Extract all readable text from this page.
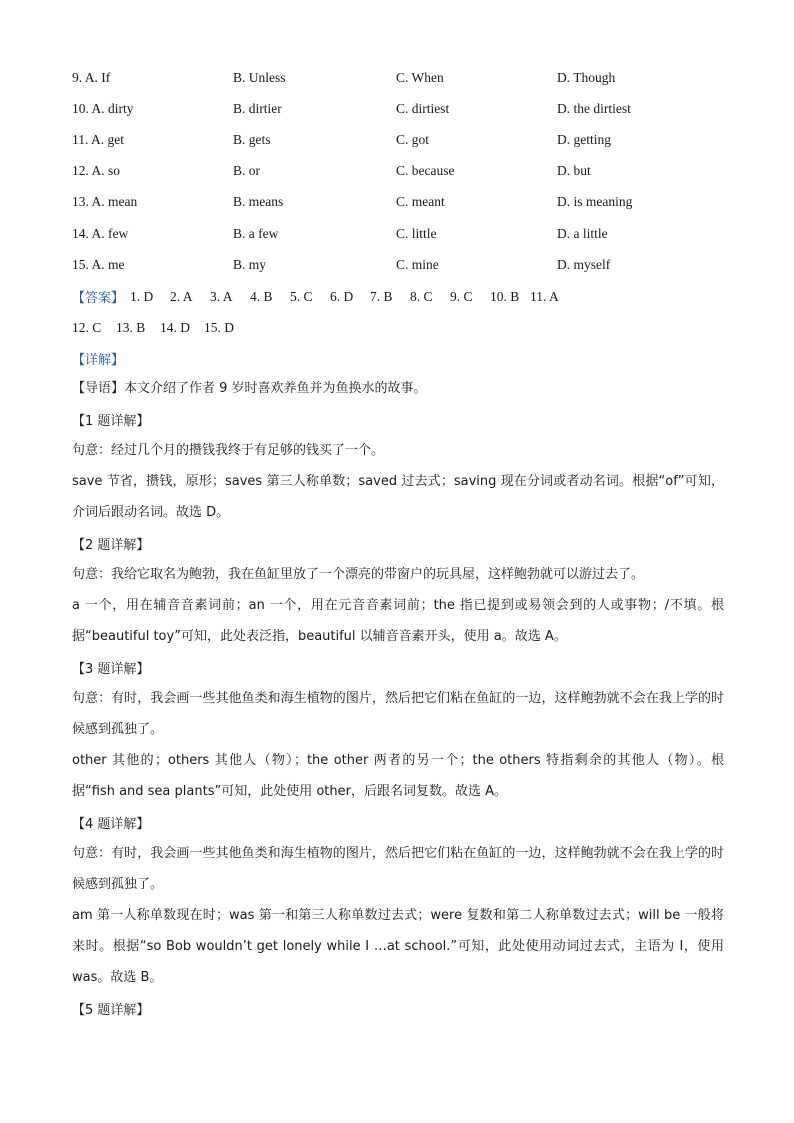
9. A. If	B. Unless	C. When	D. Though
10. A. dirty	B. dirtier	C. dirtiest	D. the dirtiest
11. A. get	B. gets	C. got	D. getting
12. A. so	B. or	C. because	D. but
13. A. mean	B. means	C. meant	D. is meaning
14. A. few	B. a few	C. little	D. a little
15. A. me	B. my	C. mine	D. myself
【答案】 1. D	2. A	3. A	4. B	5. C	6. D	7. B	8. C	9. C	10. B 11. A
12. C	13. B	14. D	15. D
【详解】

【导语】本文介绍了作者 9 岁时喜欢养鱼并为鱼换水的故事。

【1 题详解】

句意：经过几个月的攒钱我终于有足够的钱买了一个。

save 节省，攒钱，原形；saves 第三人称单数；saved 过去式；saving 现在分词或者动名词。根据“of”可知，介词后跟动名词。故选 D。

【2 题详解】

句意：我给它取名为鲍勃，我在鱼缸里放了一个漂亮的带窗户的玩具屋，这样鲍勃就可以游过去了。

a 一个，用在辅音音素词前；an 一个，用在元音音素词前；the 指已提到或易领会到的人或事物；/不填。根据“beautiful toy”可知，此处表泛指，beautiful 以辅音音素开头，使用 a。故选 A。

【3 题详解】

句意：有时，我会画一些其他鱼类和海生植物的图片，然后把它们粘在鱼缸的一边，这样鲍勃就不会在我上学的时候感到孤独了。

other 其他的；others 其他人（物）；the other 两者的另一个；the others 特指剩余的其他人（物）。根据“fish and sea plants”可知，此处使用 other，后跟名词复数。故选 A。

【4 题详解】

句意：有时，我会画一些其他鱼类和海生植物的图片，然后把它们粘在鱼缸的一边，这样鲍勃就不会在我上学的时候感到孤独了。

am 第一人称单数现在时；was 第一和第三人称单数过去式；were 复数和第二人称单数过去式；will be 一般将来时。根据“so Bob wouldn’t get lonely while I …at school.”可知，此处使用动词过去式，主语为 I，使用 was。故选 B。

【5 题详解】
